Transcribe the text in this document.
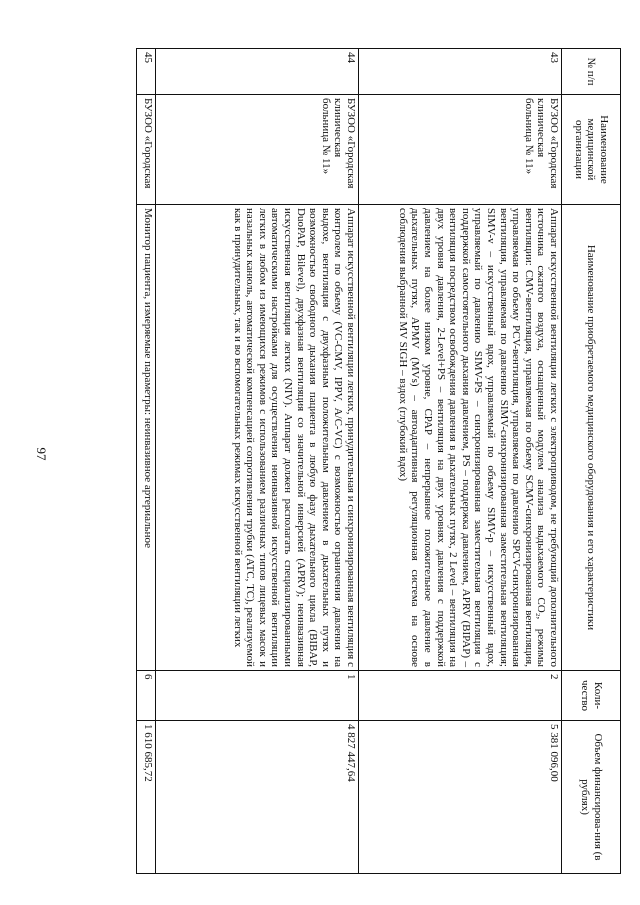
97
№ п/п	Наименование медицинской организации	Наименование приобретаемого медицинского оборудования и его характеристики	Коли-чество	Объем финансирова-ния (в рублях)
43	БУЗОО «Городская клиническая больница № 11»	Аппарат искусственной вентиляции легких с электроприводом, не требующий дополнительного источника сжатого воздуха, оснащенный модулем анализа выдыхаемого CO₂, режимы вентиляции: CMV-вентиляция, управляемая по объему SCMV-синхронизированная вентиляция, управляемая по объему PCV-вентиляция, управляемая по давлению SPCV-синхронизированная вентиляция, управляемая по давлению SIMV-синхронизированная заместительная вентиляция; SIMV-v – искусственный вдох, управляемый по объему SIMV-p – искусственный вдох, управляемый по давлению SIMV-PS – синхронизированная заместительная вентиляция с поддержкой самостоятельного дыхания давлением, PS – поддержка давлением, APRV (BIPAP) – вентиляция посредством освобождения давления в дыхательных путях, 2 Level – вентиляция на двух уровня давления, 2-Level+PS – вентиляция на двух уровнях давления с поддержкой давлением на более низком уровне, CPAP – непрерывное положительное давление в дыхательных путях, APMV (MVs) – автоадаптивная регуляционная система на основе соблюдения выбранной MV SIGH – вздох (глубокий вдох)	2	5 381 096,00
44	БУЗОО «Городская клиническая больница № 11»	Аппарат искусственной вентиляции легких, принудительная и синхронизированная вентиляция с контролем по объему (VC-CMV, IPPV, A/C-VC) с возможностью ограничения давления на выдохе, вентиляция с двухфазным положительным давлением в дыхательных путях и возможностью свободного дыхания пациента в любую фазу дыхательного цикла (BIBAP, DuoPAP, Bilevel), двухфазная вентиляция со значительной инверсией (APRV); неинвазивная искусственная вентиляция легких (NIV). Аппарат должен располагать специализированными автоматическими настройками для осуществления неинвазивной искусственной вентиляции легких в любом из имеющихся режимов с использованием различных типов лицевых масок и назальных канюль, автоматической компенсацией сопротивления трубки (ATC, TC), реализуемой как в принудительных, так и во вспомогательных режимах искусственной вентиляции легких	1	4 827 447,64
45	БУЗОО «Городская	Монитор пациента, измеряемые параметры: неинвазивное артериальное	6	1 610 685,72
